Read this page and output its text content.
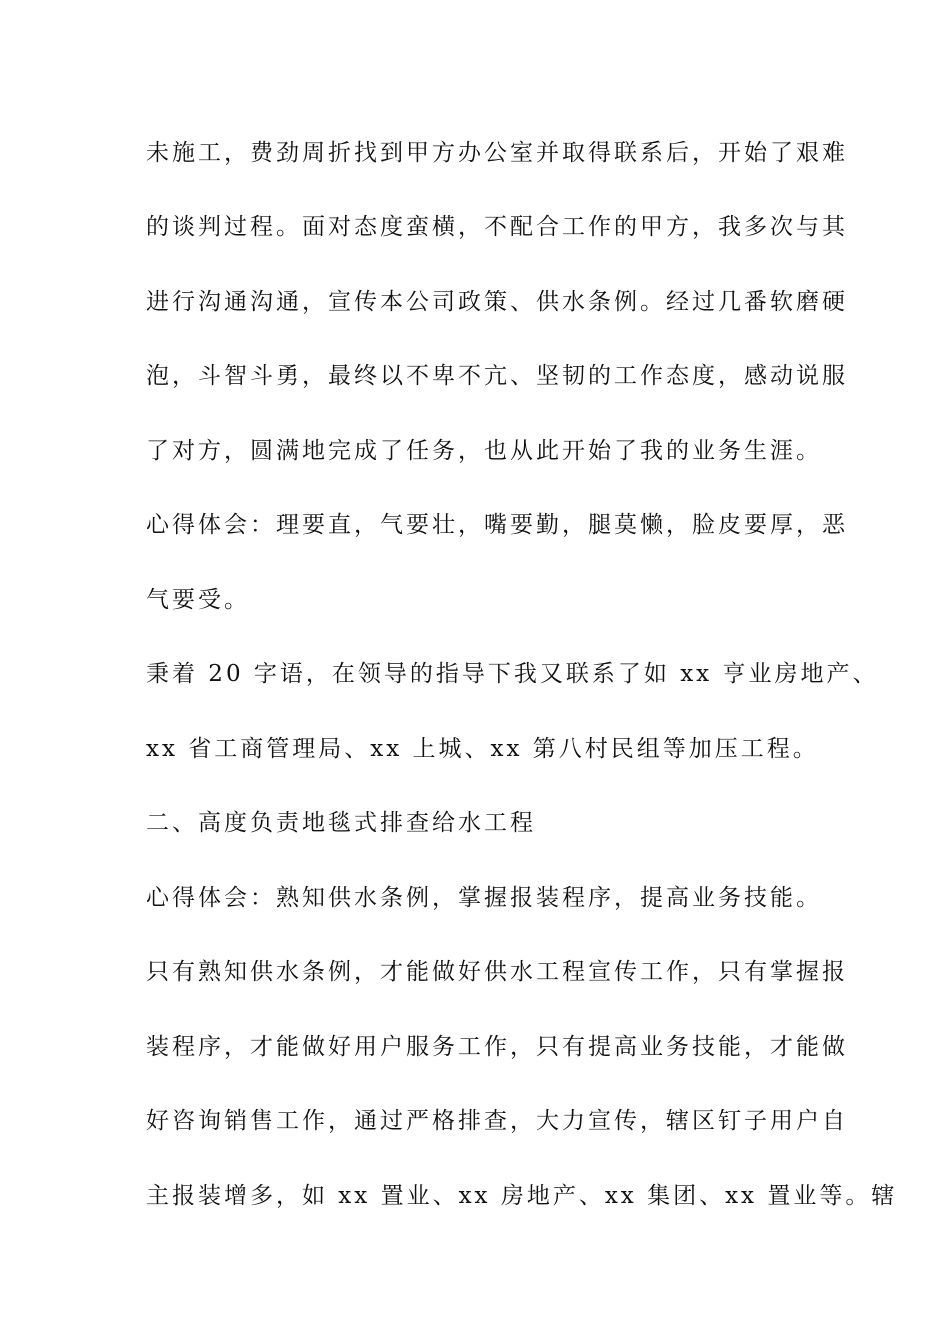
未施工，费劲周折找到甲方办公室并取得联系后，开始了艰难
的谈判过程。面对态度蛮横，不配合工作的甲方，我多次与其
进行沟通沟通，宣传本公司政策、供水条例。经过几番软磨硬
泡，斗智斗勇，最终以不卑不亢、坚韧的工作态度，感动说服
了对方，圆满地完成了任务，也从此开始了我的业务生涯。
心得体会：理要直，气要壮，嘴要勤，腿莫懒，脸皮要厚，恶
气要受。
秉着 20 字语，在领导的指导下我又联系了如 xx 亨业房地产、
xx 省工商管理局、xx 上城、xx 第八村民组等加压工程。
二、高度负责地毯式排查给水工程
心得体会：熟知供水条例，掌握报装程序，提高业务技能。
只有熟知供水条例，才能做好供水工程宣传工作，只有掌握报
装程序，才能做好用户服务工作，只有提高业务技能，才能做
好咨询销售工作，通过严格排查，大力宣传，辖区钉子用户自
主报装增多，如 xx 置业、xx 房地产、xx 集团、xx 置业等。辖
